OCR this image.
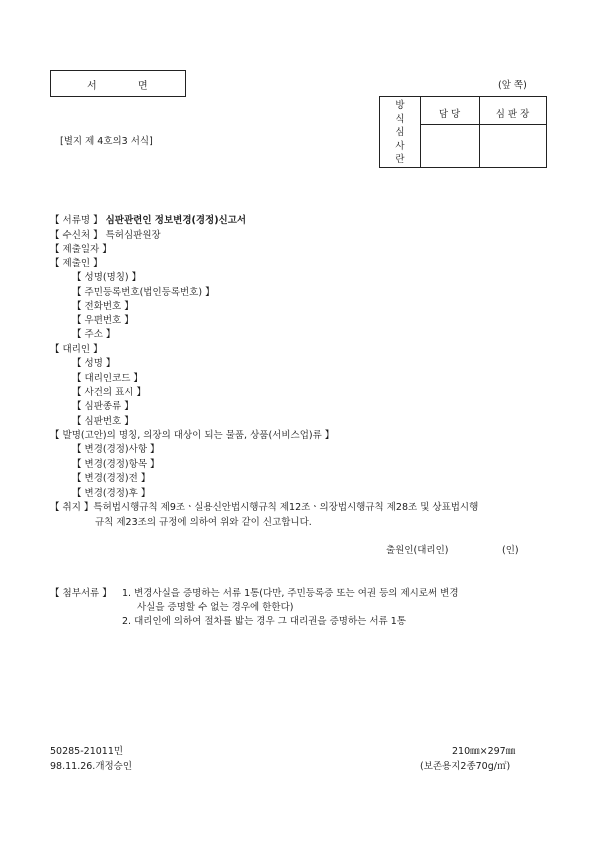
서	면	(앞 쪽)
[별지 제 4호의3 서식]
방
식
심
사
란
담 당	심 판 장
【 서류명 】 심판관련인 정보변경(경정)신고서
【 수신처 】 특허심판원장
【 제출일자 】
【 제출인 】
【 성명(명칭) 】
【 주민등록번호(법인등록번호) 】
【 전화번호 】
【 우편번호 】
【 주소 】
【 대리인 】
【 성명 】
【 대리인코드 】
【 사건의 표시 】
【 심판종류 】
【 심판번호 】
【 발명(고안)의 명칭, 의장의 대상이 되는 물품, 상품(서비스업)류 】
【 변경(경정)사항 】
【 변경(경정)항목 】
【 변경(경정)전 】
【 변경(경정)후 】
【 취지 】특허법시행규칙 제9조ㆍ실용신안법시행규칙 제12조ㆍ의장법시행규칙 제28조 및 상표법시행
규칙 제23조의 규정에 의하여 위와 같이 신고합니다.
출원인(대리인)	(인)
【 첨부서류 】 1. 변경사실을 증명하는 서류 1통(다만, 주민등록증 또는 여권 등의 제시로써 변경
사실을 증명할 수 없는 경우에 한한다)
2. 대리인에 의하여 절차를 밟는 경우 그 대리권을 증명하는 서류 1통
50285-21011민
98.11.26.개정승인
210㎜×297㎜
(보존용지2종70g/㎡)
